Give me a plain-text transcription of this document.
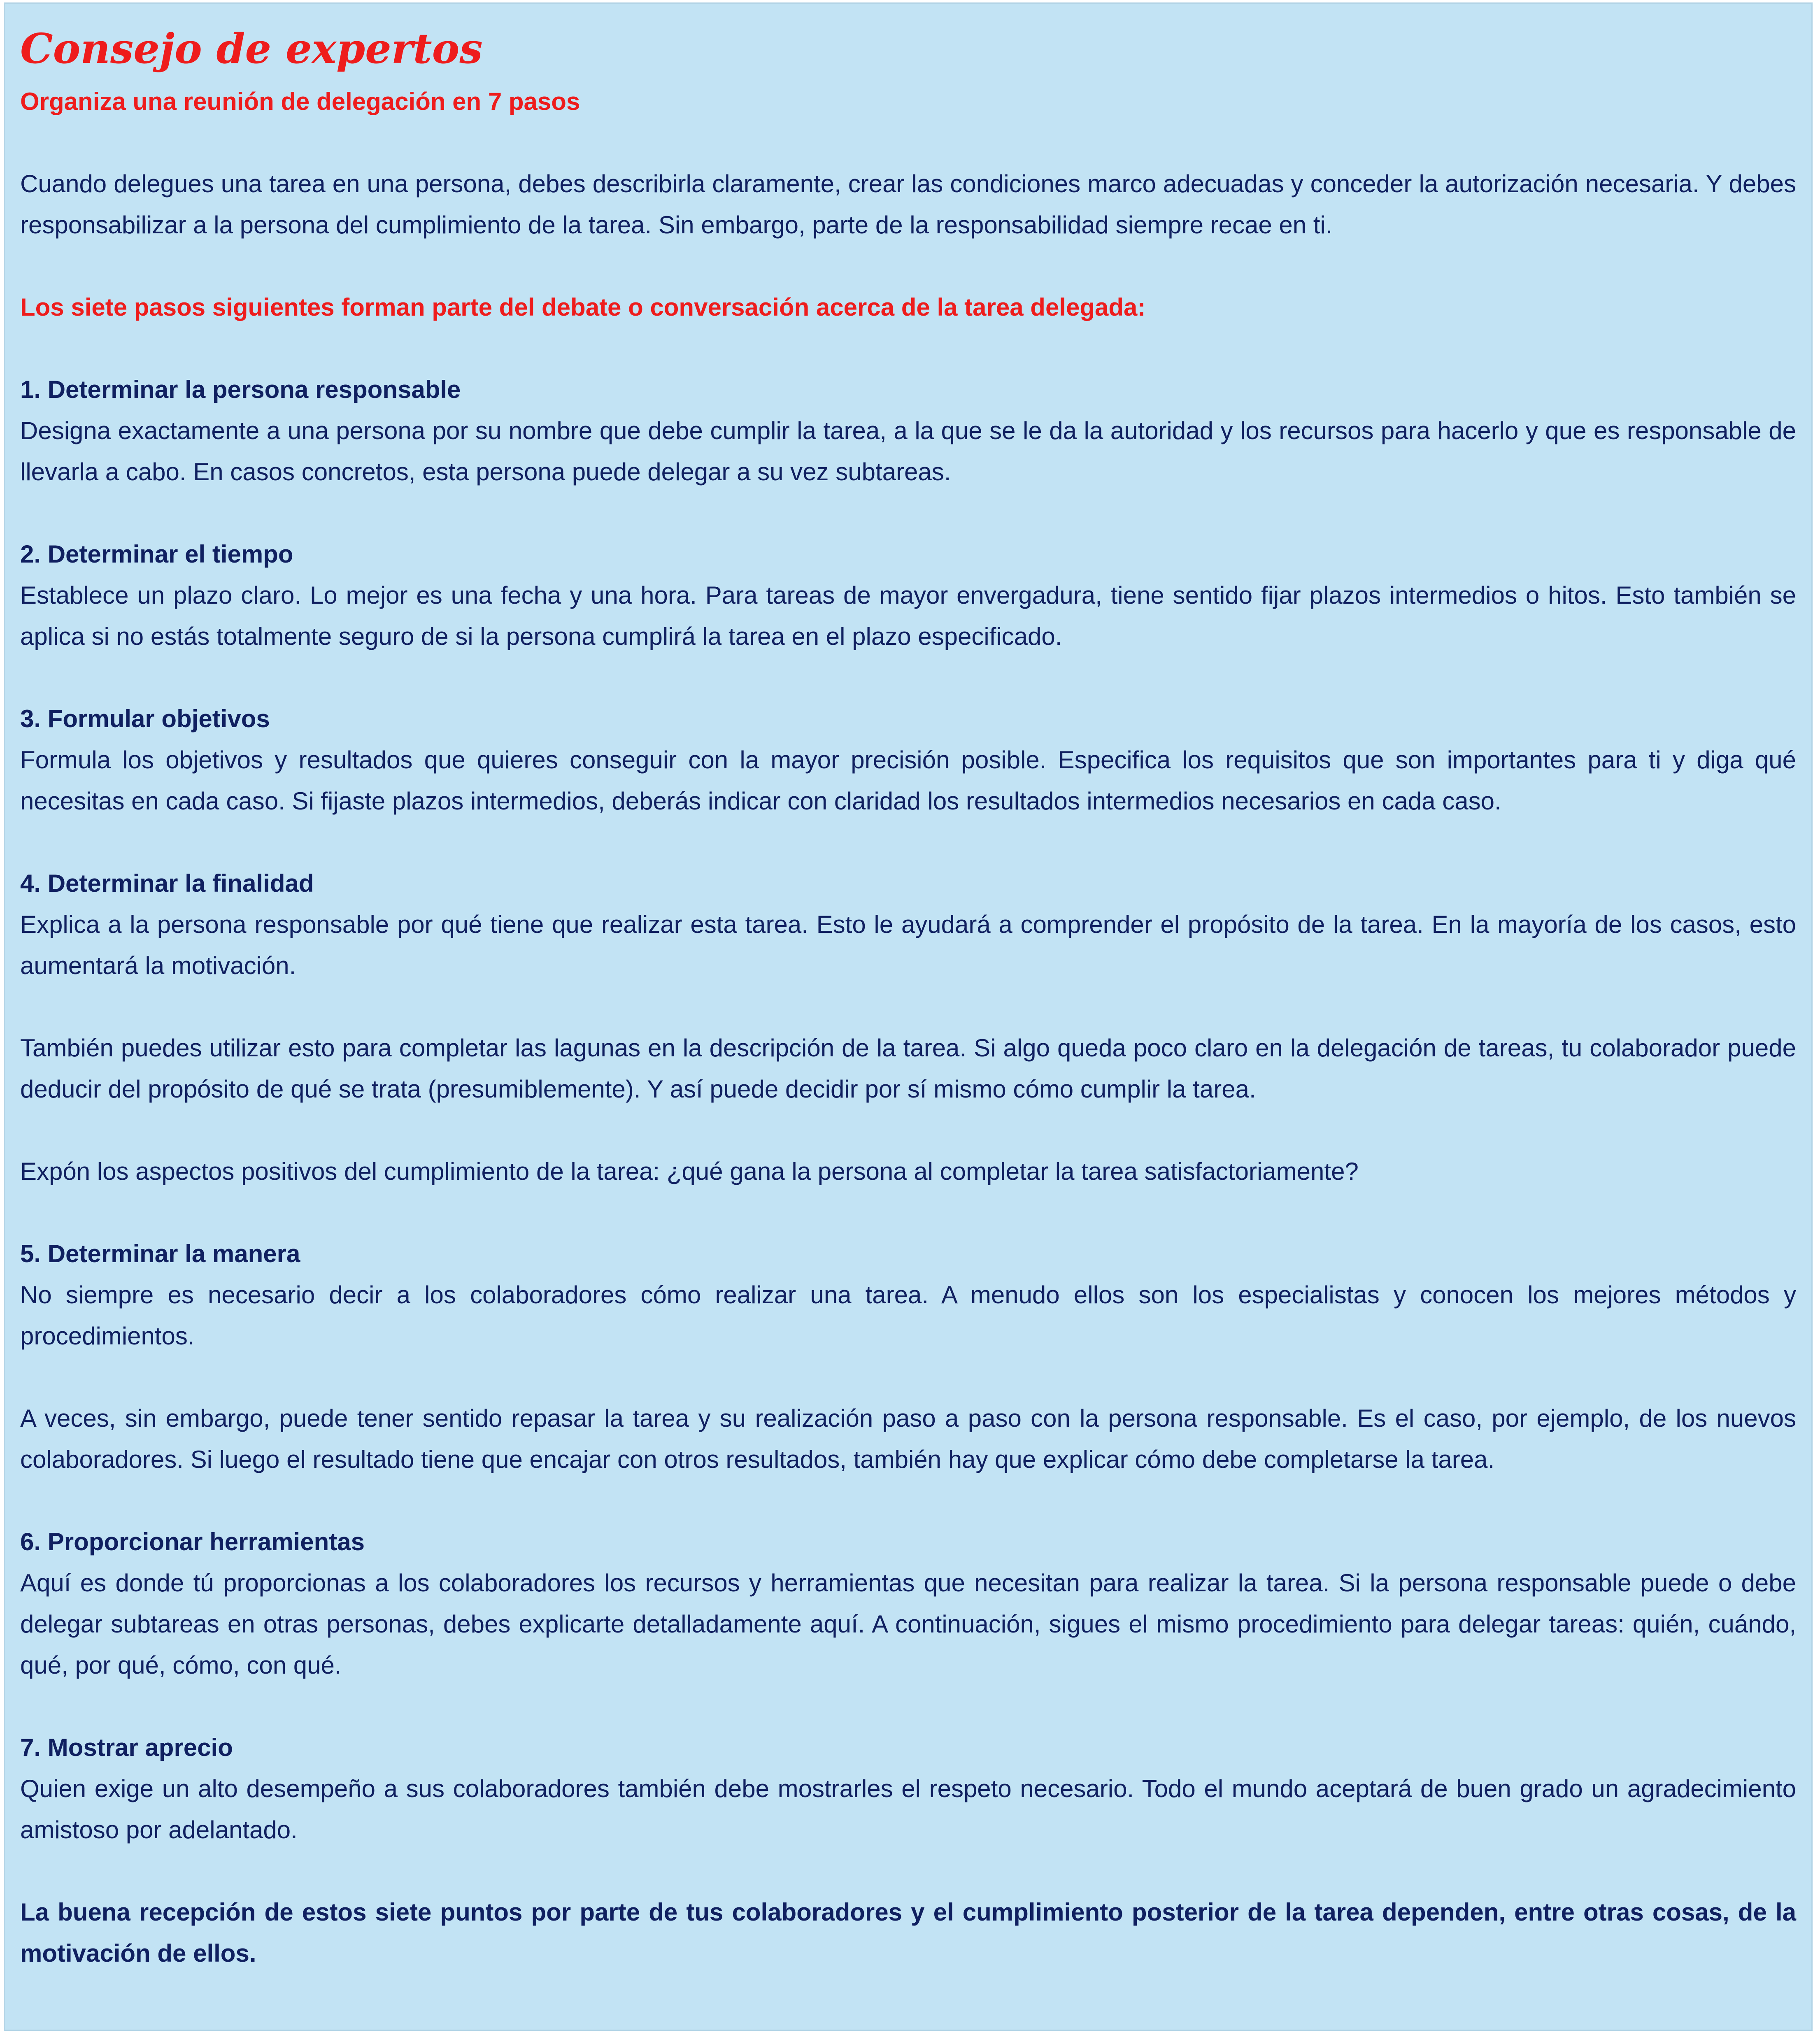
Consejo de expertos
Organiza una reunión de delegación en 7 pasos
Cuando delegues una tarea en una persona, debes describirla claramente, crear las condiciones marco adecuadas y conceder la autorización necesaria. Y debes responsabilizar a la persona del cumplimiento de la tarea. Sin embargo, parte de la responsabilidad siempre recae en ti.
Los siete pasos siguientes forman parte del debate o conversación acerca de la tarea delegada:
1. Determinar la persona responsable
Designa exactamente a una persona por su nombre que debe cumplir la tarea, a la que se le da la autoridad y los recursos para hacerlo y que es responsable de llevarla a cabo. En casos concretos, esta persona puede delegar a su vez subtareas.
2. Determinar el tiempo
Establece un plazo claro. Lo mejor es una fecha y una hora. Para tareas de mayor envergadura, tiene sentido fijar plazos intermedios o hitos. Esto también se aplica si no estás totalmente seguro de si la persona cumplirá la tarea en el plazo especificado.
3. Formular objetivos
Formula los objetivos y resultados que quieres conseguir con la mayor precisión posible. Especifica los requisitos que son importantes para ti y diga qué necesitas en cada caso. Si fijaste plazos intermedios, deberás indicar con claridad los resultados intermedios necesarios en cada caso.
4. Determinar la finalidad
Explica a la persona responsable por qué tiene que realizar esta tarea. Esto le ayudará a comprender el propósito de la tarea. En la mayoría de los casos, esto aumentará la motivación.
También puedes utilizar esto para completar las lagunas en la descripción de la tarea. Si algo queda poco claro en la delegación de tareas, tu colaborador puede deducir del propósito de qué se trata (presumiblemente). Y así puede decidir por sí mismo cómo cumplir la tarea.
Expón los aspectos positivos del cumplimiento de la tarea: ¿qué gana la persona al completar la tarea satisfactoriamente?
5. Determinar la manera
No siempre es necesario decir a los colaboradores cómo realizar una tarea. A menudo ellos son los especialistas y conocen los mejores métodos y procedimientos.
A veces, sin embargo, puede tener sentido repasar la tarea y su realización paso a paso con la persona responsable. Es el caso, por ejemplo, de los nuevos colaboradores. Si luego el resultado tiene que encajar con otros resultados, también hay que explicar cómo debe completarse la tarea.
6. Proporcionar herramientas
Aquí es donde tú proporcionas a los colaboradores los recursos y herramientas que necesitan para realizar la tarea. Si la persona responsable puede o debe delegar subtareas en otras personas, debes explicarte detalladamente aquí. A continuación, sigues el mismo procedimiento para delegar tareas: quién, cuándo, qué, por qué, cómo, con qué.
7. Mostrar aprecio
Quien exige un alto desempeño a sus colaboradores también debe mostrarles el respeto necesario. Todo el mundo aceptará de buen grado un agradecimiento amistoso por adelantado.
La buena recepción de estos siete puntos por parte de tus colaboradores y el cumplimiento posterior de la tarea dependen, entre otras cosas, de la motivación de ellos.
